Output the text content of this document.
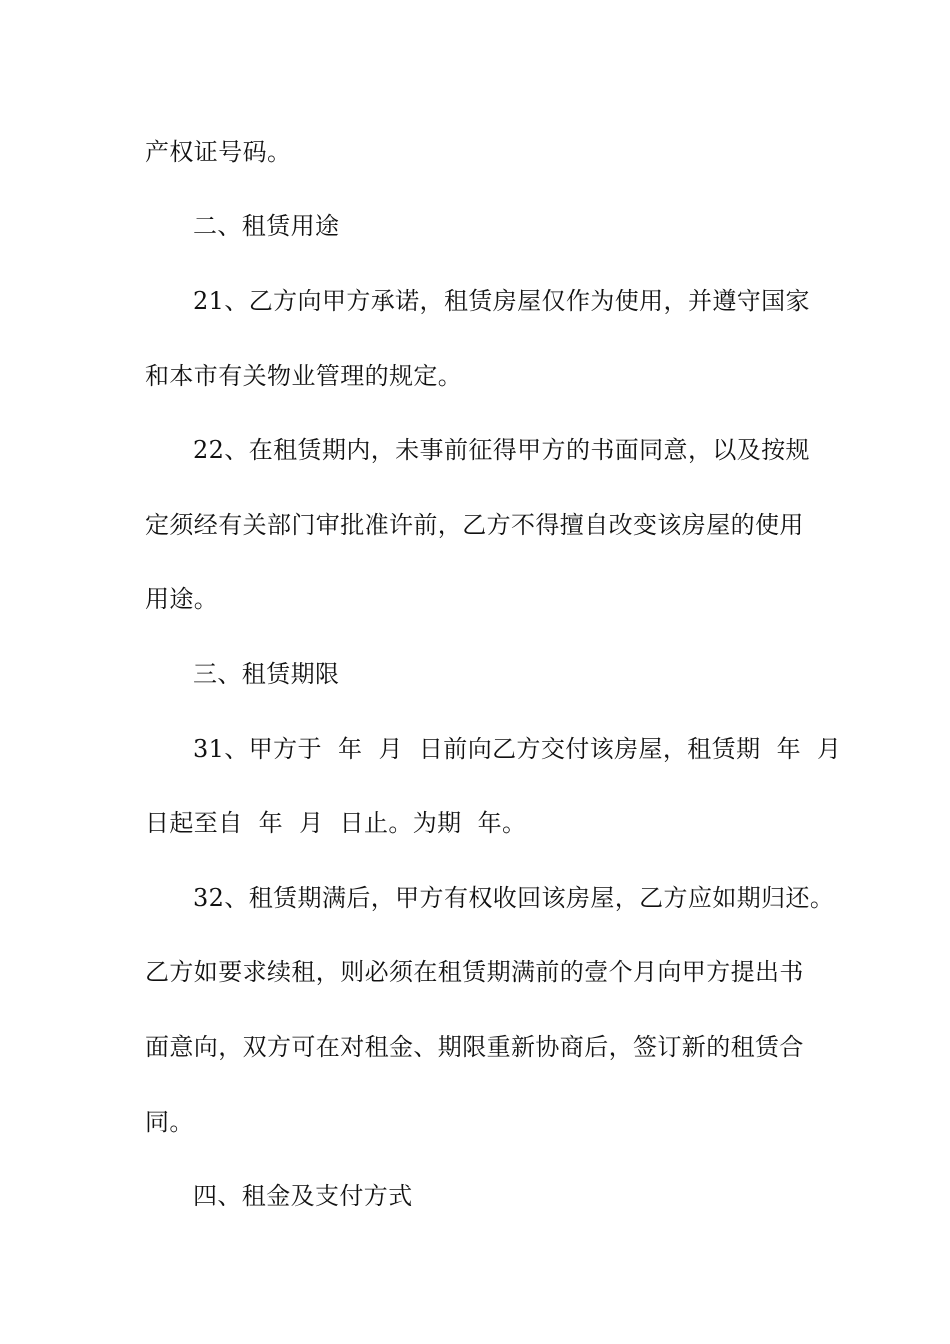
产权证号码。
二、租赁用途
21、乙方向甲方承诺，租赁房屋仅作为使用，并遵守国家
和本市有关物业管理的规定。
22、在租赁期内，未事前征得甲方的书面同意，以及按规
定须经有关部门审批准许前，乙方不得擅自改变该房屋的使用
用途。
三、租赁期限
31、甲方于  年  月  日前向乙方交付该房屋，租赁期  年  月
日起至自  年  月  日止。为期  年。
32、租赁期满后，甲方有权收回该房屋，乙方应如期归还。
乙方如要求续租，则必须在租赁期满前的壹个月向甲方提出书
面意向，双方可在对租金、期限重新协商后，签订新的租赁合
同。
四、租金及支付方式
